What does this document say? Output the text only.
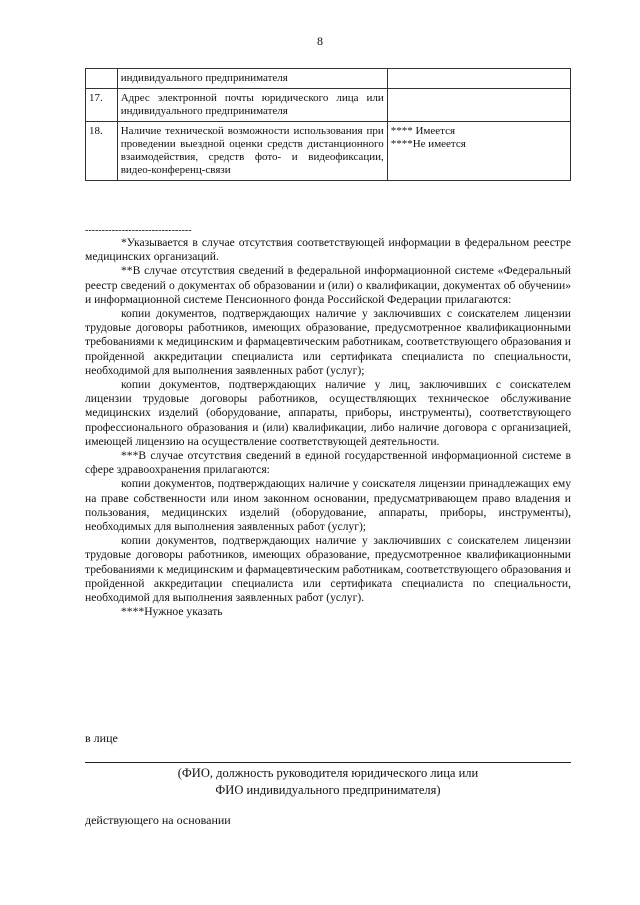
8
	индивидуального предпринимателя	
17.	Адрес электронной почты юридического лица или индивидуального предпринимателя	
18.	Наличие технической возможности использования при проведении выездной оценки средств дистанционного взаимодействия, средств фото- и видеофиксации, видео-конференц-связи	**** Имеется
****Не имеется
--------------------------------

*Указывается в случае отсутствия соответствующей информации в федеральном реестре медицинских организаций.

**В случае отсутствия сведений в федеральной информационной системе «Федеральный реестр сведений о документах об образовании и (или) о квалификации, документах об обучении» и информационной системе Пенсионного фонда Российской Федерации прилагаются:

копии документов, подтверждающих наличие у заключивших с соискателем лицензии трудовые договоры работников, имеющих образование, предусмотренное квалификационными требованиями к медицинским и фармацевтическим работникам, соответствующего образования и пройденной аккредитации специалиста или сертификата специалиста по специальности, необходимой для выполнения заявленных работ (услуг);

копии документов, подтверждающих наличие у лиц, заключивших с соискателем лицензии трудовые договоры работников, осуществляющих техническое обслуживание медицинских изделий (оборудование, аппараты, приборы, инструменты), соответствующего профессионального образования и (или) квалификации, либо наличие договора с организацией, имеющей лицензию на осуществление соответствующей деятельности.

***В случае отсутствия сведений в единой государственной информационной системе в сфере здравоохранения прилагаются:

копии документов, подтверждающих наличие у соискателя лицензии принадлежащих ему на праве собственности или ином законном основании, предусматривающем право владения и пользования, медицинских изделий (оборудование, аппараты, приборы, инструменты), необходимых для выполнения заявленных работ (услуг);

копии документов, подтверждающих наличие у заключивших с соискателем лицензии трудовые договоры работников, имеющих образование, предусмотренное квалификационными требованиями к медицинским и фармацевтическим работникам, соответствующего образования и пройденной аккредитации специалиста или сертификата специалиста по специальности, необходимой для выполнения заявленных работ (услуг).

****Нужное указать

в лице
(ФИО, должность руководителя юридического лица или
ФИО индивидуального предпринимателя)
действующего на основании
